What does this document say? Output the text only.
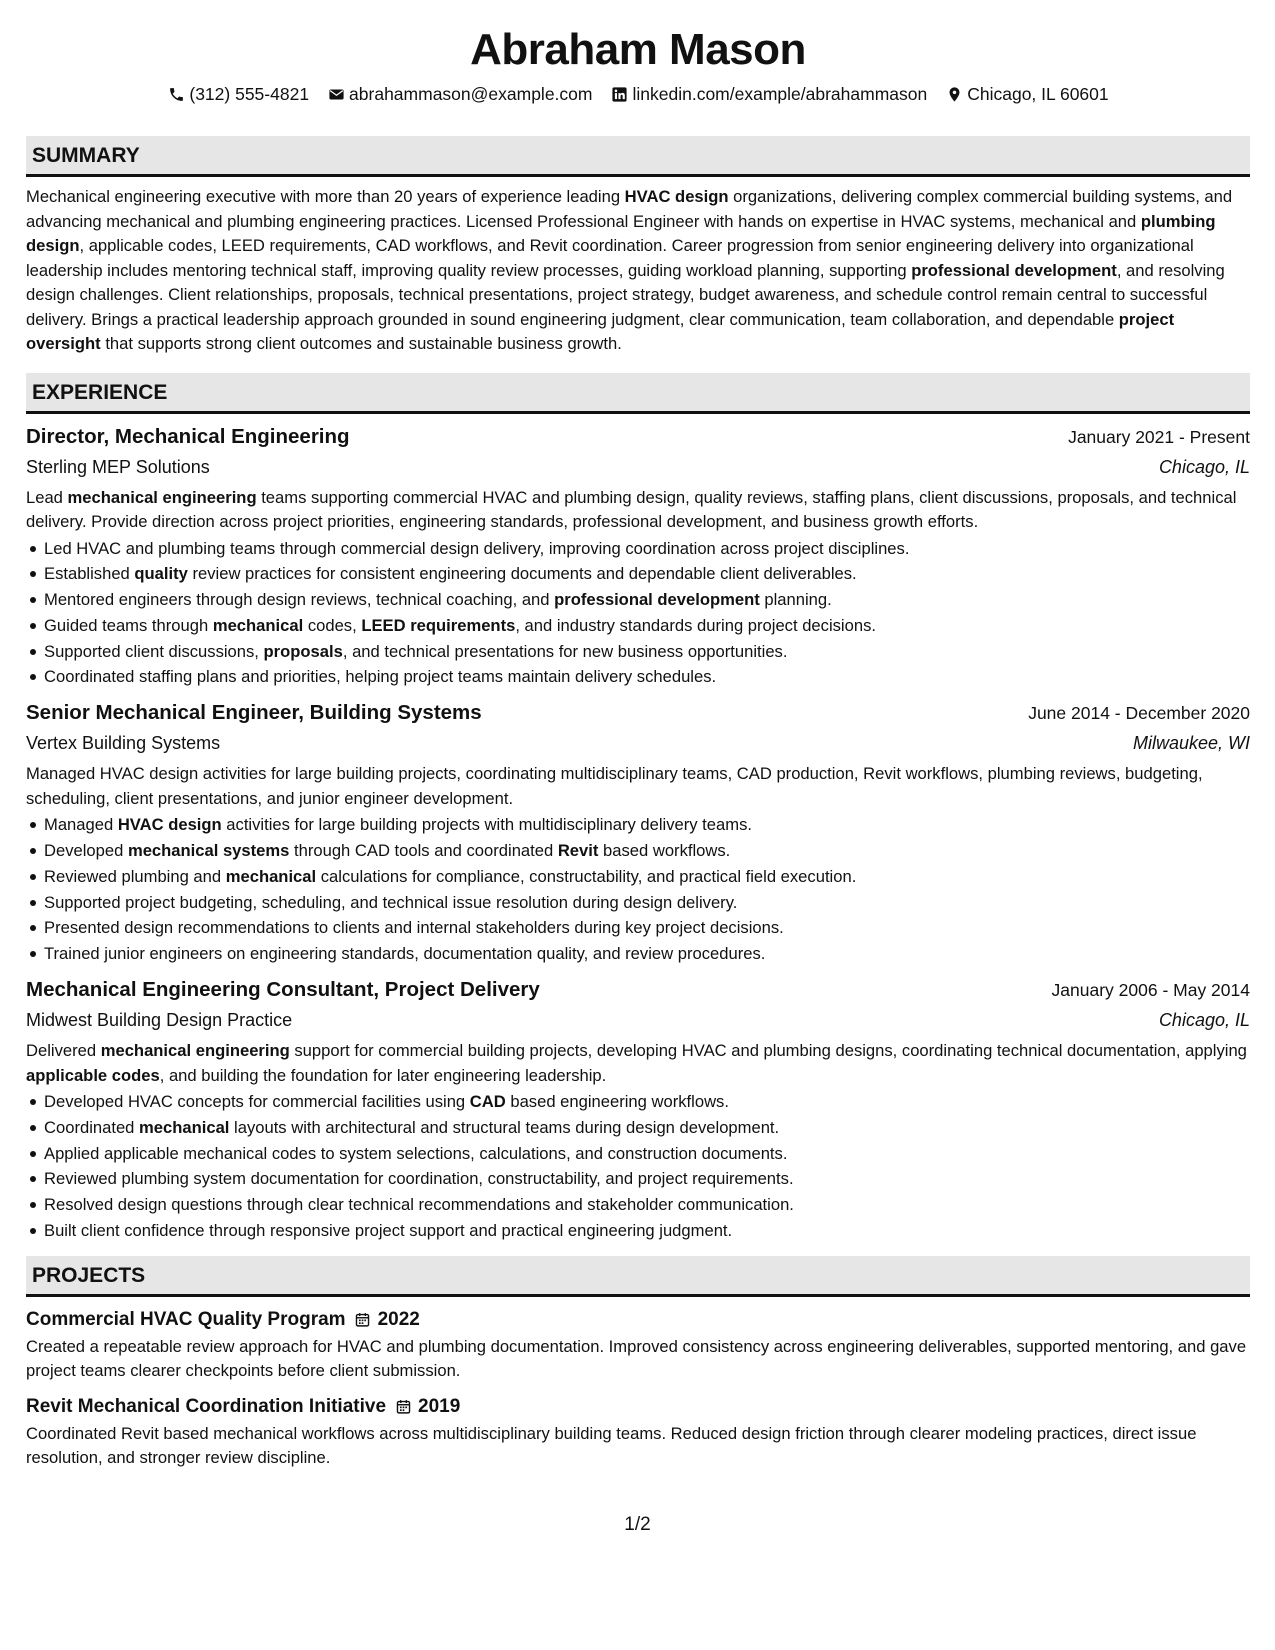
Abraham Mason
(312) 555-4821 abrahammason@example.com linkedin.com/example/abrahammason Chicago, IL 60601
SUMMARY

Mechanical engineering executive with more than 20 years of experience leading HVAC design organizations, delivering complex commercial building systems, and advancing mechanical and plumbing engineering practices. Licensed Professional Engineer with hands on expertise in HVAC systems, mechanical and plumbing design, applicable codes, LEED requirements, CAD workflows, and Revit coordination. Career progression from senior engineering delivery into organizational leadership includes mentoring technical staff, improving quality review processes, guiding workload planning, supporting professional development, and resolving design challenges. Client relationships, proposals, technical presentations, project strategy, budget awareness, and schedule control remain central to successful delivery. Brings a practical leadership approach grounded in sound engineering judgment, clear communication, team collaboration, and dependable project oversight that supports strong client outcomes and sustainable business growth.

EXPERIENCE
Director, Mechanical Engineering	January 2021 - Present
Sterling MEP Solutions	Chicago, IL

Lead mechanical engineering teams supporting commercial HVAC and plumbing design, quality reviews, staffing plans, client discussions, proposals, and technical delivery. Provide direction across project priorities, engineering standards, professional development, and business growth efforts.

Led HVAC and plumbing teams through commercial design delivery, improving coordination across project disciplines.
Established quality review practices for consistent engineering documents and dependable client deliverables.
Mentored engineers through design reviews, technical coaching, and professional development planning.
Guided teams through mechanical codes, LEED requirements, and industry standards during project decisions.
Supported client discussions, proposals, and technical presentations for new business opportunities.
Coordinated staffing plans and priorities, helping project teams maintain delivery schedules.
Senior Mechanical Engineer, Building Systems	June 2014 - December 2020
Vertex Building Systems	Milwaukee, WI

Managed HVAC design activities for large building projects, coordinating multidisciplinary teams, CAD production, Revit workflows, plumbing reviews, budgeting, scheduling, client presentations, and junior engineer development.

Managed HVAC design activities for large building projects with multidisciplinary delivery teams.
Developed mechanical systems through CAD tools and coordinated Revit based workflows.
Reviewed plumbing and mechanical calculations for compliance, constructability, and practical field execution.
Supported project budgeting, scheduling, and technical issue resolution during design delivery.
Presented design recommendations to clients and internal stakeholders during key project decisions.
Trained junior engineers on engineering standards, documentation quality, and review procedures.
Mechanical Engineering Consultant, Project Delivery	January 2006 - May 2014
Midwest Building Design Practice	Chicago, IL

Delivered mechanical engineering support for commercial building projects, developing HVAC and plumbing designs, coordinating technical documentation, applying applicable codes, and building the foundation for later engineering leadership.

Developed HVAC concepts for commercial facilities using CAD based engineering workflows.
Coordinated mechanical layouts with architectural and structural teams during design development.
Applied applicable mechanical codes to system selections, calculations, and construction documents.
Reviewed plumbing system documentation for coordination, constructability, and project requirements.
Resolved design questions through clear technical recommendations and stakeholder communication.
Built client confidence through responsive project support and practical engineering judgment.
PROJECTS
Commercial HVAC Quality Program 2022

Created a repeatable review approach for HVAC and plumbing documentation. Improved consistency across engineering deliverables, supported mentoring, and gave project teams clearer checkpoints before client submission.

Revit Mechanical Coordination Initiative 2019

Coordinated Revit based mechanical workflows across multidisciplinary building teams. Reduced design friction through clearer modeling practices, direct issue resolution, and stronger review discipline.

1/2
